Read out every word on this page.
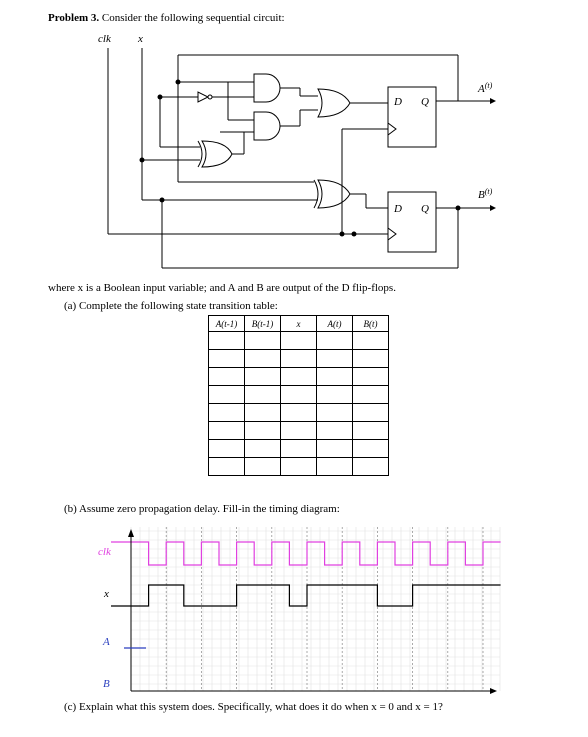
Problem 3. Consider the following sequential circuit:
clk x
D Q
D Q
$A^{(t)}$
$B^{(t)}$
where x is a Boolean input variable; and A and B are output of the D flip-flops.
(a) Complete the following state transition table:
A(t-1)	B(t-1)	x	A(t)	B(t)

(b) Assume zero propagation delay. Fill-in the timing diagram:
clk
x
A
B
(c) Explain what this system does. Specifically, what does it do when x = 0 and x = 1?
